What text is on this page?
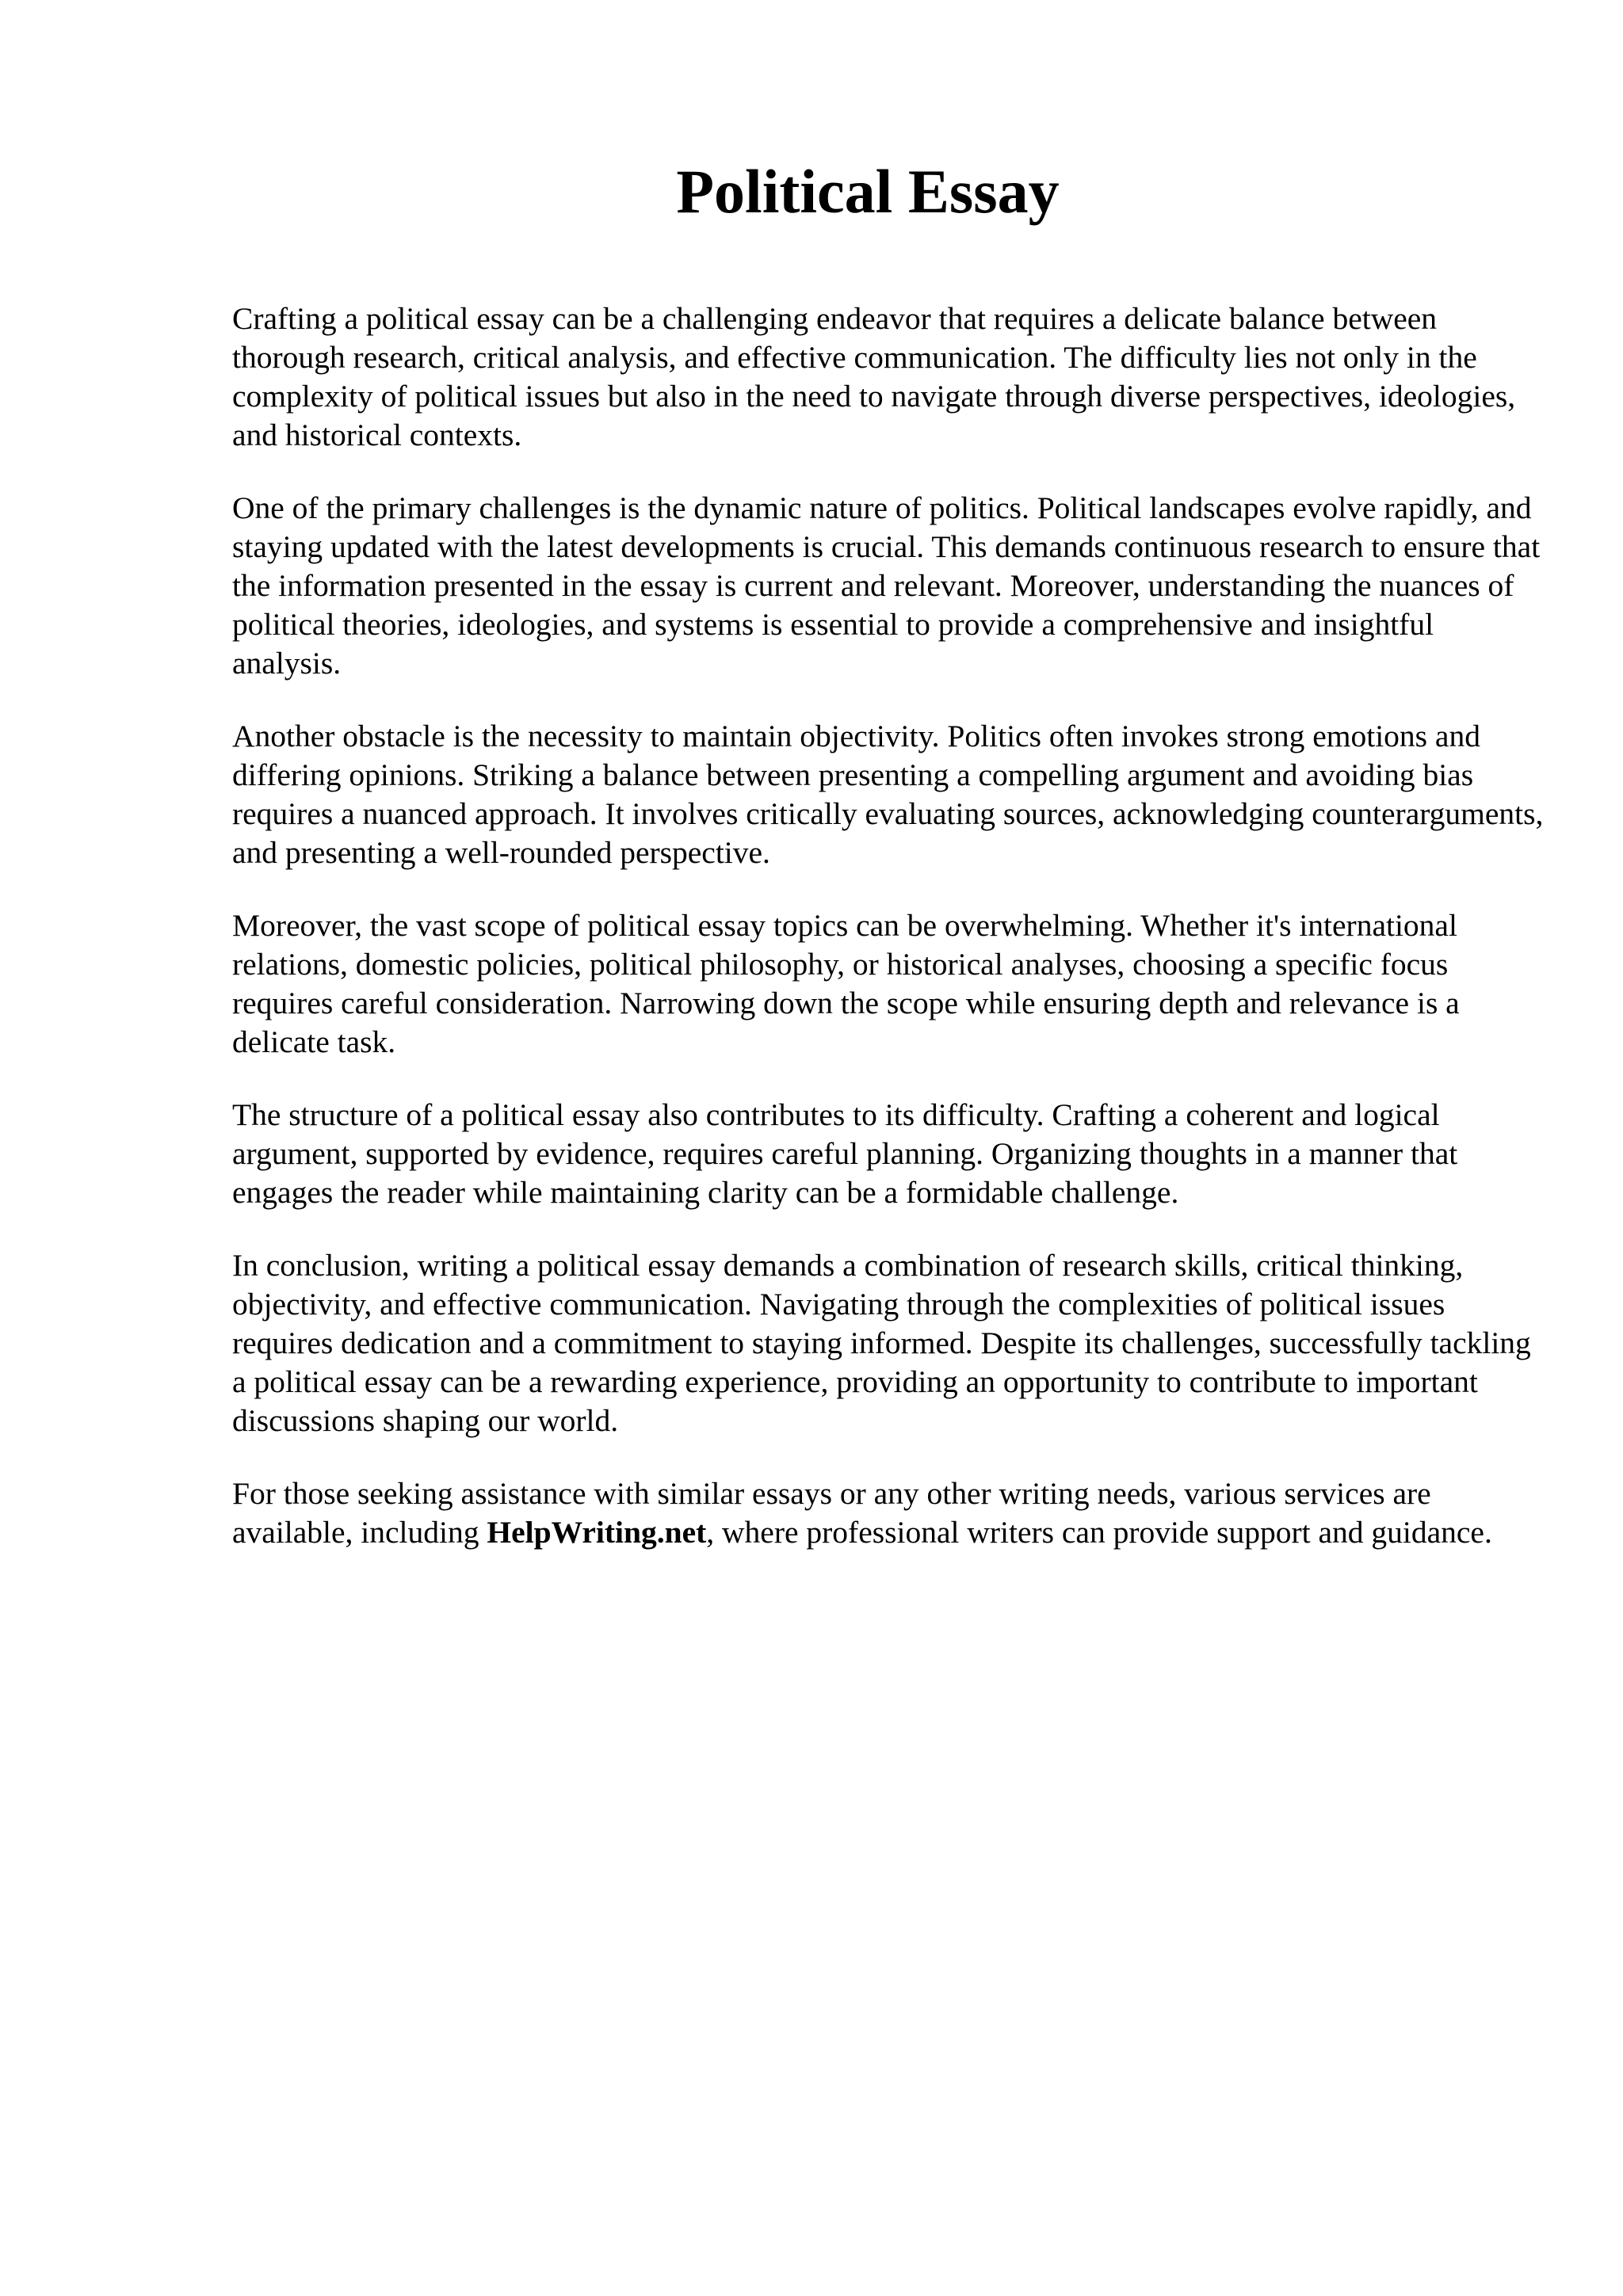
Political Essay

Crafting a political essay can be a challenging endeavor that requires a delicate balance between thorough research, critical analysis, and effective communication. The difficulty lies not only in the complexity of political issues but also in the need to navigate through diverse perspectives, ideologies, and historical contexts.

One of the primary challenges is the dynamic nature of politics. Political landscapes evolve rapidly, and staying updated with the latest developments is crucial. This demands continuous research to ensure that the information presented in the essay is current and relevant. Moreover, understanding the nuances of political theories, ideologies, and systems is essential to provide a comprehensive and insightful analysis.

Another obstacle is the necessity to maintain objectivity. Politics often invokes strong emotions and differing opinions. Striking a balance between presenting a compelling argument and avoiding bias requires a nuanced approach. It involves critically evaluating sources, acknowledging counterarguments, and presenting a well-rounded perspective.

Moreover, the vast scope of political essay topics can be overwhelming. Whether it's international relations, domestic policies, political philosophy, or historical analyses, choosing a specific focus requires careful consideration. Narrowing down the scope while ensuring depth and relevance is a delicate task.

The structure of a political essay also contributes to its difficulty. Crafting a coherent and logical argument, supported by evidence, requires careful planning. Organizing thoughts in a manner that engages the reader while maintaining clarity can be a formidable challenge.

In conclusion, writing a political essay demands a combination of research skills, critical thinking, objectivity, and effective communication. Navigating through the complexities of political issues requires dedication and a commitment to staying informed. Despite its challenges, successfully tackling a political essay can be a rewarding experience, providing an opportunity to contribute to important discussions shaping our world.

For those seeking assistance with similar essays or any other writing needs, various services are available, including HelpWriting.net, where professional writers can provide support and guidance.
